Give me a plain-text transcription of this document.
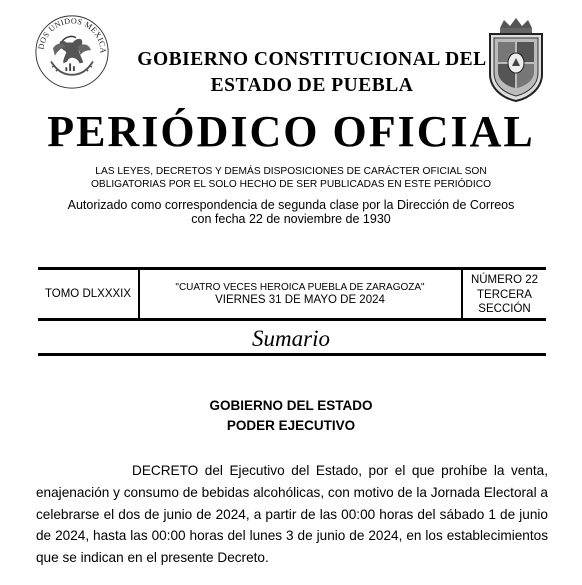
DOS UNIDOS MEXICA	GOBIERNO CONSTITUCIONAL DEL
ESTADO DE PUEBLA
PERIÓDICO OFICIAL
LAS LEYES, DECRETOS Y DEMÁS DISPOSICIONES DE CARÁCTER OFICIAL SON
OBLIGATORIAS POR EL SOLO HECHO DE SER PUBLICADAS EN ESTE PERIÓDICO
Autorizado como correspondencia de segunda clase por la Dirección de Correos
con fecha 22 de noviembre de 1930
TOMO DLXXXIX
"CUATRO VECES HEROICA PUEBLA DE ZARAGOZA"
VIERNES 31 DE MAYO DE 2024
NÚMERO 22
TERCERA
SECCIÓN
Sumario
GOBIERNO DEL ESTADO
PODER EJECUTIVO

DECRETO del Ejecutivo del Estado, por el que prohíbe la venta, enajenación y consumo de bebidas alcohólicas, con motivo de la Jornada Electoral a celebrarse el dos de junio de 2024, a partir de las 00:00 horas del sábado 1 de junio de 2024, hasta las 00:00 horas del lunes 3 de junio de 2024, en los establecimientos que se indican en el presente Decreto.
